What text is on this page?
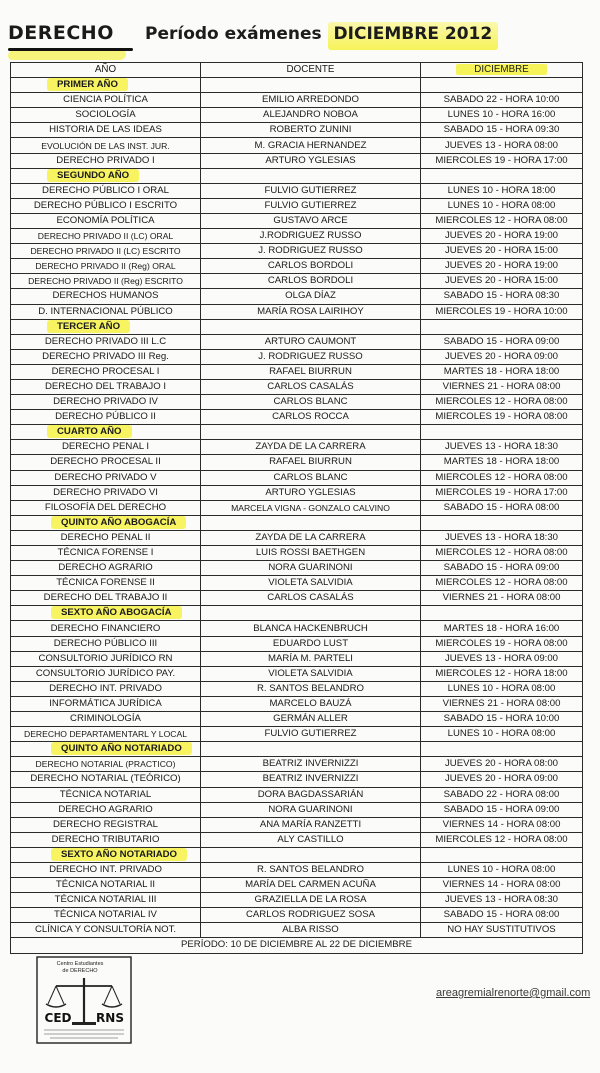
DERECHO Período exámenes DICIEMBRE 2012
AÑO	DOCENTE	DICIEMBRE
PRIMER AÑO		
CIENCIA POLÍTICA	EMILIO ARREDONDO	SABADO 22 - HORA 10:00
SOCIOLOGÍA	ALEJANDRO NOBOA	LUNES 10 - HORA 16:00
HISTORIA DE LAS IDEAS	ROBERTO ZUNINI	SABADO 15 - HORA 09:30
EVOLUCIÓN DE LAS INST. JUR.	M. GRACIA HERNANDEZ	JUEVES 13 - HORA 08:00
DERECHO PRIVADO I	ARTURO YGLESIAS	MIERCOLES 19 - HORA 17:00
SEGUNDO AÑO		
DERECHO PÚBLICO I ORAL	FULVIO GUTIERREZ	LUNES 10 - HORA 18:00
DERECHO PÚBLICO I ESCRITO	FULVIO GUTIERREZ	LUNES 10 - HORA 08:00
ECONOMÍA POLÍTICA	GUSTAVO ARCE	MIERCOLES 12 - HORA 08:00
DERECHO PRIVADO II (LC) ORAL	J.RODRIGUEZ RUSSO	JUEVES 20 - HORA 19:00
DERECHO PRIVADO II (LC) ESCRITO	J. RODRIGUEZ RUSSO	JUEVES 20 - HORA 15:00
DERECHO PRIVADO II (Reg) ORAL	CARLOS BORDOLI	JUEVES 20 - HORA 19:00
DERECHO PRIVADO II (Reg) ESCRITO	CARLOS BORDOLI	JUEVES 20 - HORA 15:00
DERECHOS HUMANOS	OLGA DÍAZ	SABADO 15 - HORA 08:30
D. INTERNACIONAL PÚBLICO	MARÍA ROSA LAIRIHOY	MIERCOLES 19 - HORA 10:00
TERCER AÑO		
DERECHO PRIVADO III L.C	ARTURO CAUMONT	SABADO 15 - HORA 09:00
DERECHO PRIVADO III Reg.	J. RODRIGUEZ RUSSO	JUEVES 20 - HORA 09:00
DERECHO PROCESAL I	RAFAEL BIURRUN	MARTES 18 - HORA 18:00
DERECHO DEL TRABAJO I	CARLOS CASALÁS	VIERNES 21 - HORA 08:00
DERECHO PRIVADO IV	CARLOS BLANC	MIERCOLES 12 - HORA 08:00
DERECHO PÚBLICO II	CARLOS ROCCA	MIERCOLES 19 - HORA 08:00
CUARTO AÑO		
DERECHO PENAL I	ZAYDA DE LA CARRERA	JUEVES 13 - HORA 18:30
DERECHO PROCESAL II	RAFAEL BIURRUN	MARTES 18 - HORA 18:00
DERECHO PRIVADO V	CARLOS BLANC	MIERCOLES 12 - HORA 08:00
DERECHO PRIVADO VI	ARTURO YGLESIAS	MIERCOLES 19 - HORA 17:00
FILOSOFÍA DEL DERECHO	MARCELA VIGNA - GONZALO CALVINO	SABADO 15 - HORA 08:00
QUINTO AÑO ABOGACÍA		
DERECHO PENAL II	ZAYDA DE LA CARRERA	JUEVES 13 - HORA 18:30
TÉCNICA FORENSE I	LUIS ROSSI BAETHGEN	MIERCOLES 12 - HORA 08:00
DERECHO AGRARIO	NORA GUARINONI	SABADO 15 - HORA 09:00
TÉCNICA FORENSE II	VIOLETA SALVIDIA	MIERCOLES 12 - HORA 08:00
DERECHO DEL TRABAJO II	CARLOS CASALÁS	VIERNES 21 - HORA 08:00
SEXTO AÑO ABOGACÍA		
DERECHO FINANCIERO	BLANCA HACKENBRUCH	MARTES 18 - HORA 16:00
DERECHO PÚBLICO III	EDUARDO LUST	MIERCOLES 19 - HORA 08:00
CONSULTORIO JURÍDICO RN	MARÍA M. PARTELI	JUEVES 13 - HORA 09:00
CONSULTORIO JURÍDICO PAY.	VIOLETA SALVIDIA	MIERCOLES 12 - HORA 18:00
DERECHO INT. PRIVADO	R. SANTOS BELANDRO	LUNES 10 - HORA 08:00
INFORMÁTICA JURÍDICA	MARCELO BAUZÁ	VIERNES 21 - HORA 08:00
CRIMINOLOGÍA	GERMÁN ALLER	SABADO 15 - HORA 10:00
DERECHO DEPARTAMENTARL Y LOCAL	FULVIO GUTIERREZ	LUNES 10 - HORA 08:00
QUINTO AÑO NOTARIADO		
DERECHO NOTARIAL (PRACTICO)	BEATRIZ INVERNIZZI	JUEVES 20 - HORA 08:00
DERECHO NOTARIAL (TEÓRICO)	BEATRIZ INVERNIZZI	JUEVES 20 - HORA 09:00
TÉCNICA NOTARIAL	DORA BAGDASSARIÁN	SABADO 22 - HORA 08:00
DERECHO AGRARIO	NORA GUARINONI	SABADO 15 - HORA 09:00
DERECHO REGISTRAL	ANA MARÍA RANZETTI	VIERNES 14 - HORA 08:00
DERECHO TRIBUTARIO	ALY CASTILLO	MIERCOLES 12 - HORA 08:00
SEXTO AÑO NOTARIADO		
DERECHO INT. PRIVADO	R. SANTOS BELANDRO	LUNES 10 - HORA 08:00
TÉCNICA NOTARIAL II	MARÍA DEL CARMEN ACUÑA	VIERNES 14 - HORA 08:00
TÉCNICA NOTARIAL III	GRAZIELLA DE LA ROSA	JUEVES 13 - HORA 08:30
TÉCNICA NOTARIAL IV	CARLOS RODRIGUEZ SOSA	SABADO 15 - HORA 08:00
CLÍNICA Y CONSULTORÍA NOT.	ALBA RISSO	NO HAY SUSTITUTIVOS
PERÍODO: 10 DE DICIEMBRE AL 22 DE DICIEMBRE		
Centro Estudiantes
de DERECHO
CED RNS
areagremialrenorte@gmail.com
